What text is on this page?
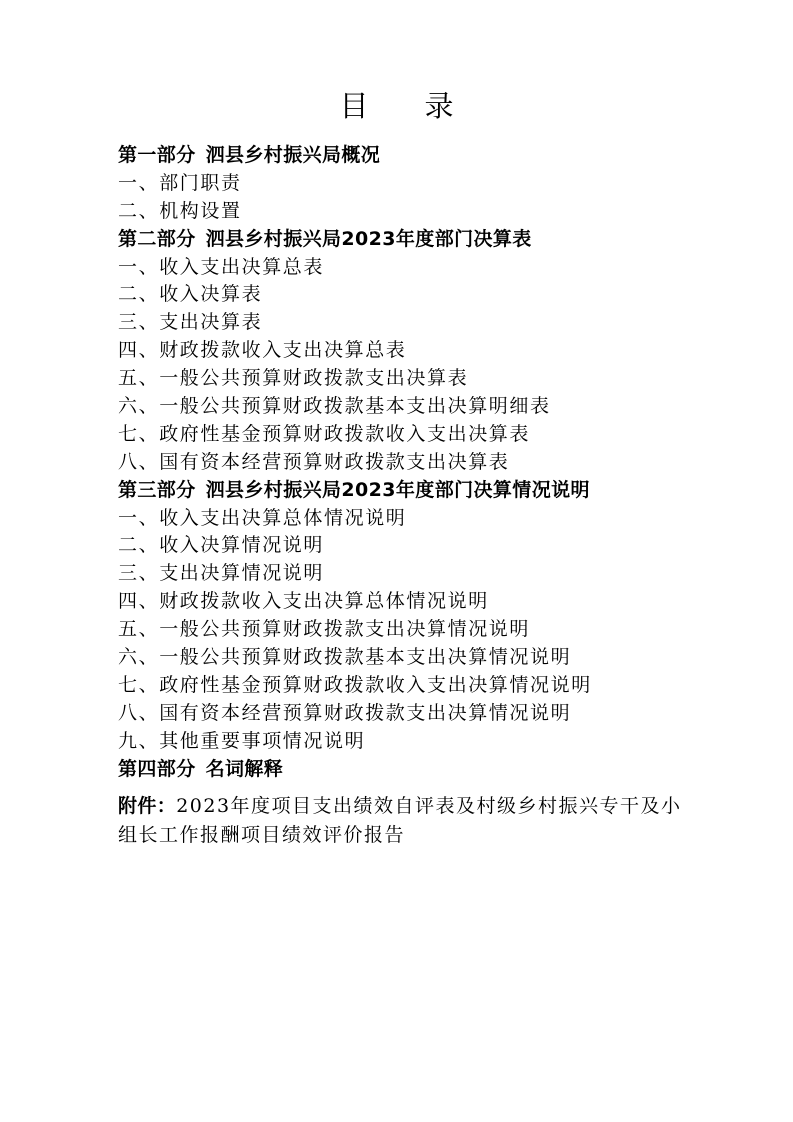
目 录
第一部分 泗县乡村振兴局概况
一、部门职责
二、机构设置
第二部分 泗县乡村振兴局2023年度部门决算表
一、收入支出决算总表
二、收入决算表
三、支出决算表
四、财政拨款收入支出决算总表
五、一般公共预算财政拨款支出决算表
六、一般公共预算财政拨款基本支出决算明细表
七、政府性基金预算财政拨款收入支出决算表
八、国有资本经营预算财政拨款支出决算表
第三部分 泗县乡村振兴局2023年度部门决算情况说明
一、收入支出决算总体情况说明
二、收入决算情况说明
三、支出决算情况说明
四、财政拨款收入支出决算总体情况说明
五、一般公共预算财政拨款支出决算情况说明
六、一般公共预算财政拨款基本支出决算情况说明
七、政府性基金预算财政拨款收入支出决算情况说明
八、国有资本经营预算财政拨款支出决算情况说明
九、其他重要事项情况说明
第四部分 名词解释

附件：2023年度项目支出绩效自评表及村级乡村振兴专干及小组长工作报酬项目绩效评价报告
